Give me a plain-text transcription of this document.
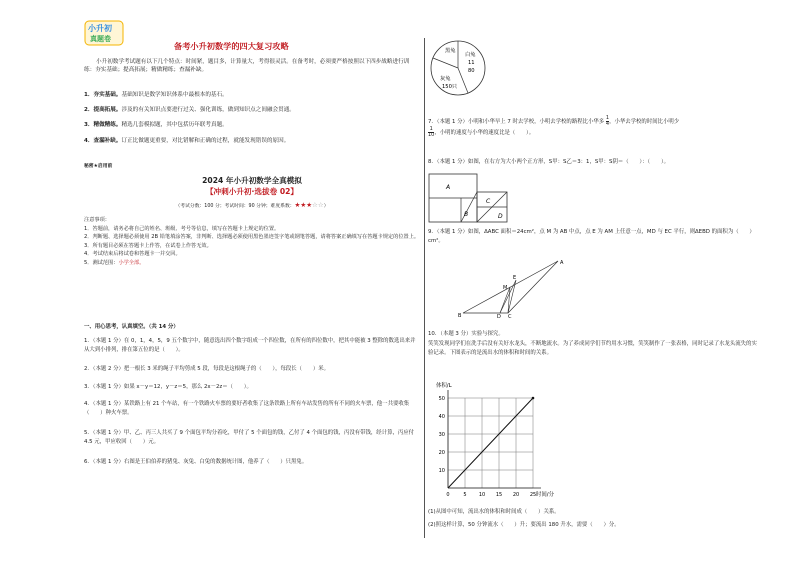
小升初
真题卷
备考小升初数学的四大复习攻略
小升初数学考试题有以下几个特点：时间紧，题目多，计算量大，考得很灵活。在备考时，必须要严格按照以下四步战略进行训练：夯实基础；提高拓展；精做精练；查漏补缺。
1．夯实基础。基础知识是数学知识体系中最根本的基石。
2．提高拓展。涉及的有关知识点要进行过关、强化训练，做到知识点之间融会贯通。
3．精做精练。精选几套模拟题，其中包括历年联考真题。
4．查漏补缺。订正比做题更重要，对比错解和正确的过程，就能发现错误的原因。
秘密★启用前
2024 年小升初数学全真模拟
【冲刺小升初·选拔卷 02】
（考试分数：100 分；考试时间：90 分钟；难度系数：★★★☆☆）
注意事项：
1．答题前，请务必将自己的姓名、班级、考号等信息，填写在答题卡上规定的位置。
2．判断题、选择题必须使用 2B 铅笔填涂答案，非判断、选择题必须使用黑色墨迹签字笔或钢笔答题，请将答案正确填写在答题卡规定的位置上。
3．所有题目必须在答题卡上作答，在试卷上作答无效。
4．考试结束后将试卷和答题卡一并交回。
5．测试范围：小学全部。
一、用心思考，认真填空。（共 14 分）
1．（本题 1 分）在 0，1，4，5，9 五个数字中，随意选出四个数字组成一个四位数，在所有的四位数中，把其中能被 3 整除的数选出来并从大到小排列，排在第五位的是（　　）。
2．（本题 2 分）把一根长 3 米的绳子平均剪成 5 段，每段是这根绳子的（　　），每段长（　　）米。
3．（本题 1 分）如果 x－y＝12，y－z＝5，那么 2x－2z＝（　　）。
4．（本题 1 分）某铁路上有 21 个车站，有一个铁路火车票的要好者收集了这条铁路上所有车站发售的所有不同的火车票，他一共要收集（　　）种火车票。
5．（本题 1 分）甲、乙、丙三人共买了 9 个面包平均分着吃，甲付了 5 个面包的钱，乙付了 4 个面包的钱，丙没有带钱，经计算，丙应付 4.5 元，甲应收回（　　）元。
6．（本题 1 分）右图是王伯伯养的猪兔、灰兔、白兔的数据统计图，他养了（　　）只黑兔。
黑兔
白兔
11
80
灰兔
150只
7．（本题 1 分）小明和小华早上 7 时去学校，小明去学校的路程比小华多 $\frac{1}{4}$ ，小华去学校的时间比小明少

$\frac{1}{10}$ ，小明的速度与小华的速度比是（　　）。
8．（本题 1 分）如图，在右方为大小两个正方形，S甲：S乙＝3：1，S甲：S阴＝（　　）：（　　）。
A
B
C
D
9．（本题 1 分）如图，ΔABC 面积＝24cm²，点 M 为 AB 中点，点 E 为 AM 上任意一点，MD 与 EC 平行，则ΔEBD 的面积为（　　）cm²。
A
M
E
B	D C
10．（本题 3 分）实验与探究。
笑笑发现同学们在洗手后没有关好水龙头，不断地流水。为了养成同学们节约用水习惯，笑笑制作了一张表格，同时记录了水龙头流失的实验记录。下图表示的是流出水的体积和时间的关系。
0	5 10 15 20 25
10
20
30
40
50
体积/L
时间/分
(1)从图中可知，流出水的体积和时间成（　　）关系。
(2)照这样计算，50 分钟流水（　　）升；要流出 180 升水，需要（　　）分。
